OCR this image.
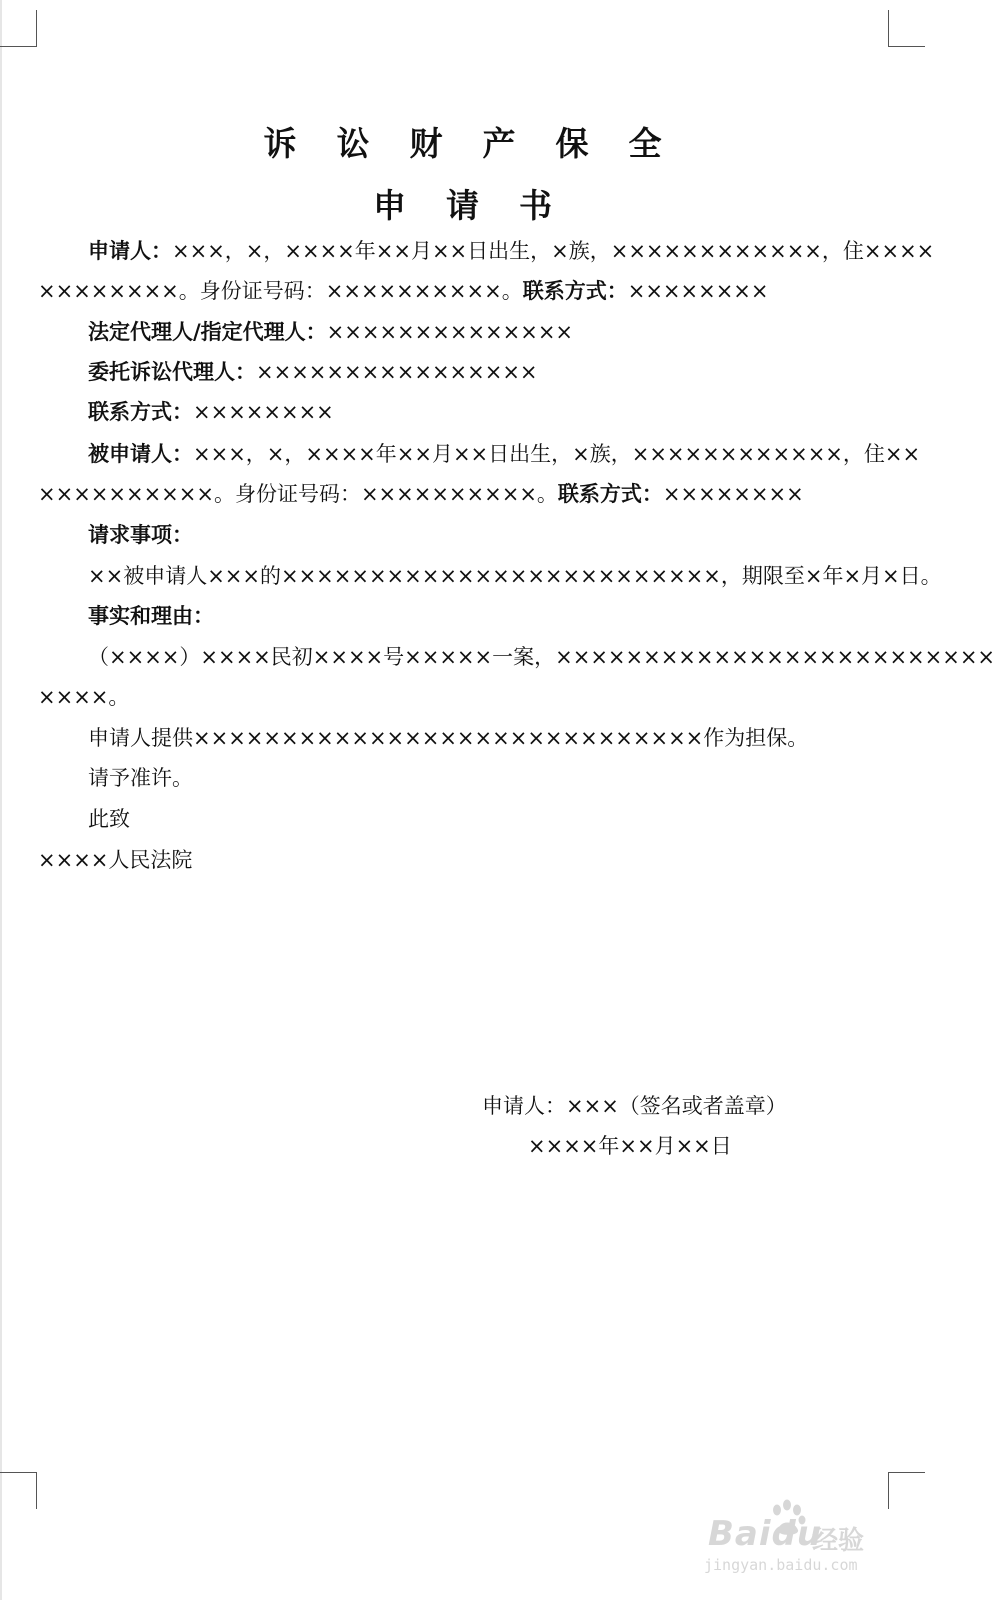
诉讼财产保全
申请书
申请人：×××，×，××××年××月××日出生，×族，××××××××××××，住××××
××××××××。身份证号码：××××××××××。联系方式：××××××××
法定代理人/指定代理人：××××××××××××××
委托诉讼代理人：××××××××××××××××
联系方式：××××××××
被申请人：×××，×，××××年××月××日出生，×族，××××××××××××，住××
××××××××××。身份证号码：××××××××××。联系方式：××××××××
请求事项：
××被申请人×××的×××××××××××××××××××××××××，期限至×年×月×日。
事实和理由：
（××××）××××民初××××号×××××一案，×××××××××××××××××××××××××
××××。
申请人提供×××××××××××××××××××××××××××××作为担保。
请予准许。
此致
××××人民法院
申请人：×××（签名或者盖章）
××××年××月××日
Baidu
经验
jingyan.baidu.com
